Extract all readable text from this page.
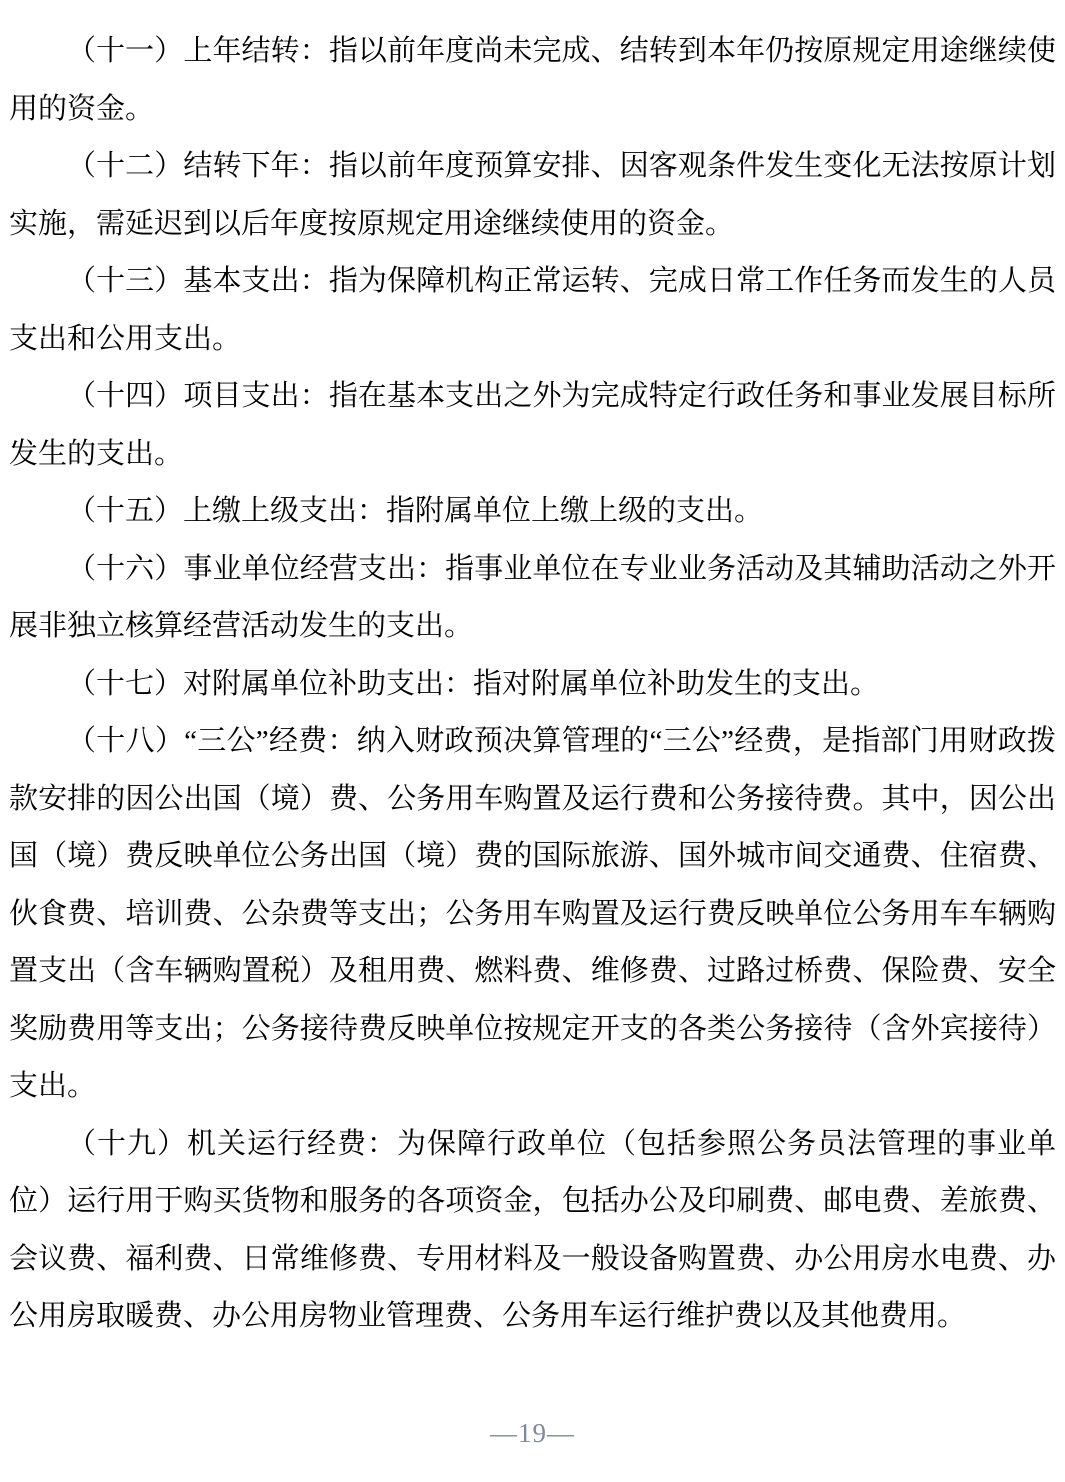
（十一）上年结转：指以前年度尚未完成、结转到本年仍按原规定用途继续使用的资金。

（十二）结转下年：指以前年度预算安排、因客观条件发生变化无法按原计划实施，需延迟到以后年度按原规定用途继续使用的资金。

（十三）基本支出：指为保障机构正常运转、完成日常工作任务而发生的人员支出和公用支出。

（十四）项目支出：指在基本支出之外为完成特定行政任务和事业发展目标所发生的支出。

（十五）上缴上级支出：指附属单位上缴上级的支出。

（十六）事业单位经营支出：指事业单位在专业业务活动及其辅助活动之外开展非独立核算经营活动发生的支出。

（十七）对附属单位补助支出：指对附属单位补助发生的支出。

（十八）“三公”经费：纳入财政预决算管理的“三公”经费，是指部门用财政拨款安排的因公出国（境）费、公务用车购置及运行费和公务接待费。其中，因公出国（境）费反映单位公务出国（境）费的国际旅游、国外城市间交通费、住宿费、伙食费、培训费、公杂费等支出；公务用车购置及运行费反映单位公务用车车辆购置支出（含车辆购置税）及租用费、燃料费、维修费、过路过桥费、保险费、安全奖励费用等支出；公务接待费反映单位按规定开支的各类公务接待（含外宾接待）支出。

（十九）机关运行经费：为保障行政单位（包括参照公务员法管理的事业单位）运行用于购买货物和服务的各项资金，包括办公及印刷费、邮电费、差旅费、会议费、福利费、日常维修费、专用材料及一般设备购置费、办公用房水电费、办公用房取暖费、办公用房物业管理费、公务用车运行维护费以及其他费用。

—19—
